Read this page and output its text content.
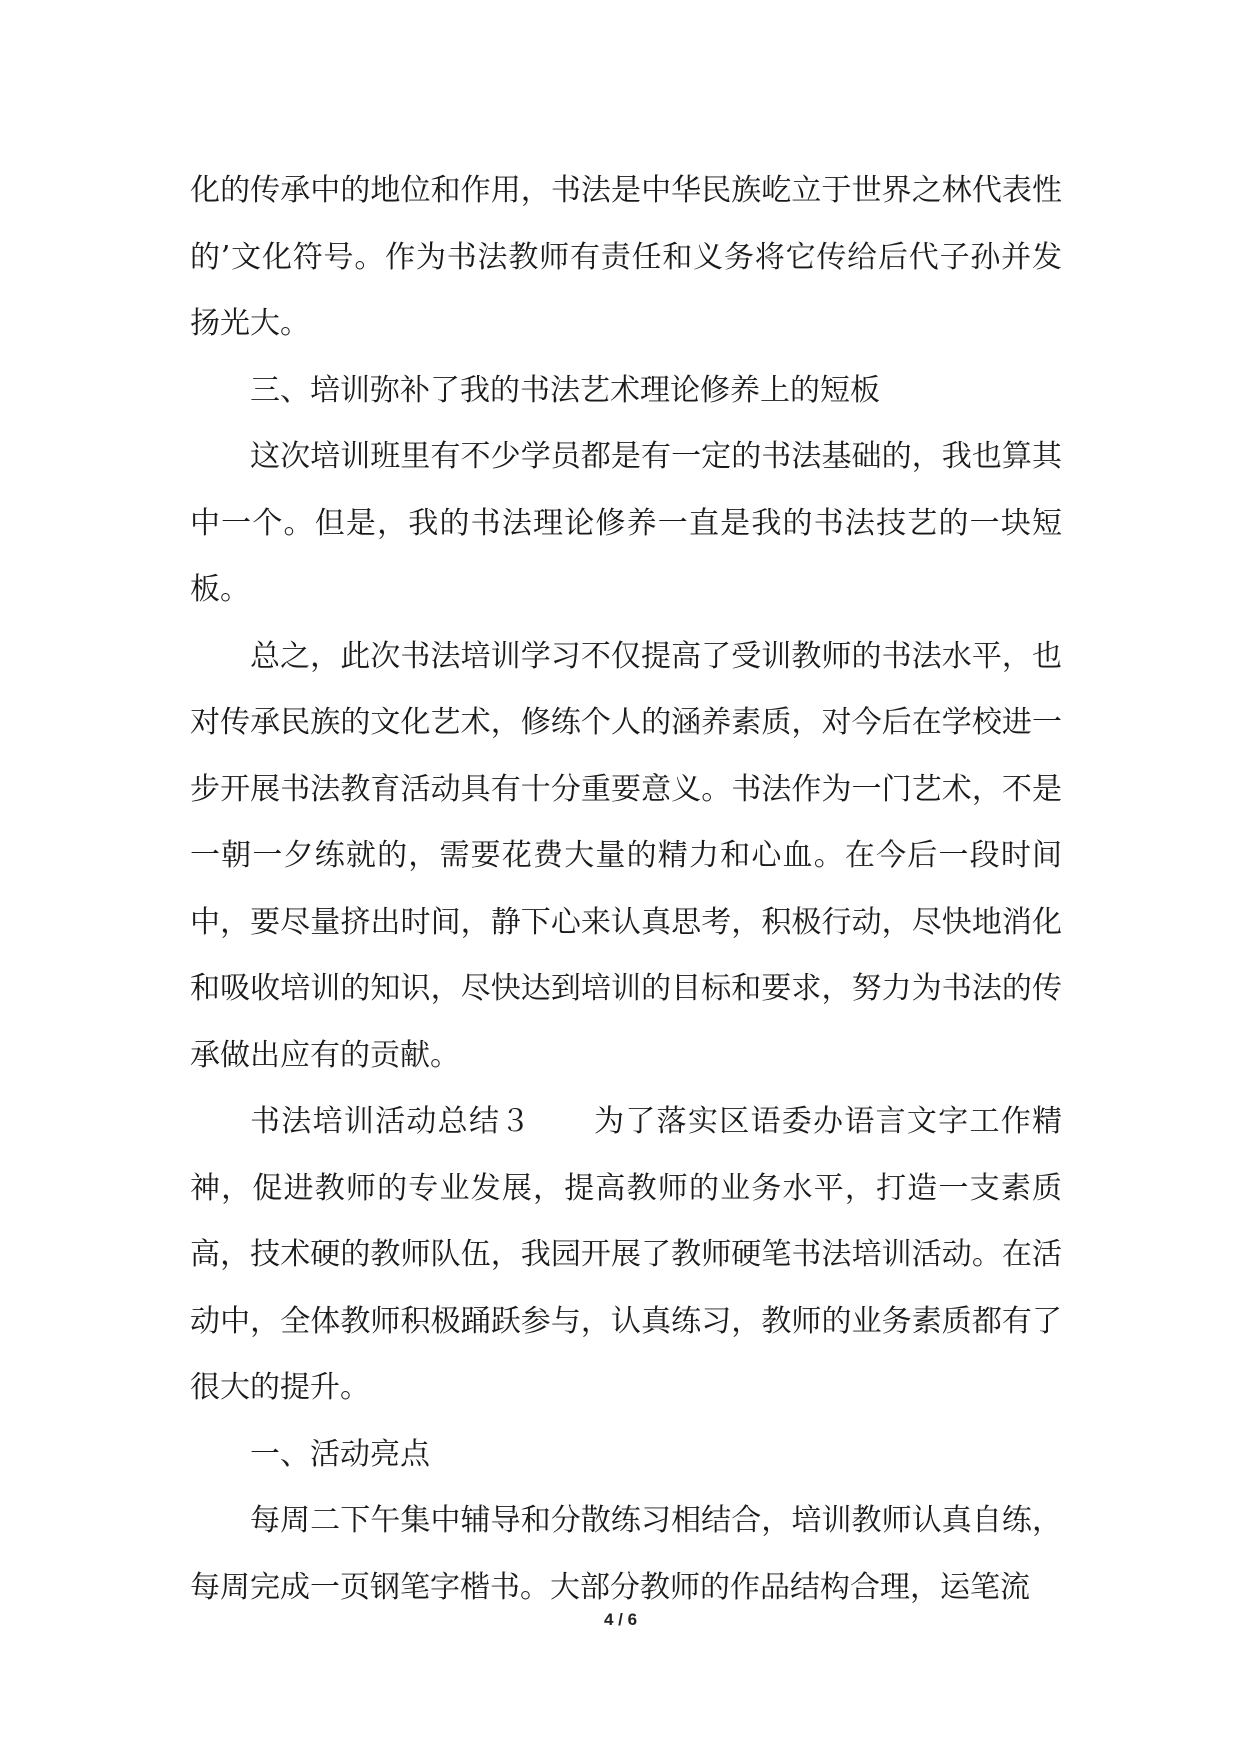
化的传承中的地位和作用，书法是中华民族屹立于世界之林代表性的’文化符号。作为书法教师有责任和义务将它传给后代子孙并发扬光大。

三、培训弥补了我的书法艺术理论修养上的短板

这次培训班里有不少学员都是有一定的书法基础的，我也算其中一个。但是，我的书法理论修养一直是我的书法技艺的一块短板。

总之，此次书法培训学习不仅提高了受训教师的书法水平，也对传承民族的文化艺术，修练个人的涵养素质，对今后在学校进一步开展书法教育活动具有十分重要意义。书法作为一门艺术，不是一朝一夕练就的，需要花费大量的精力和心血。在今后一段时间中，要尽量挤出时间，静下心来认真思考，积极行动，尽快地消化和吸收培训的知识，尽快达到培训的目标和要求，努力为书法的传承做出应有的贡献。

书法培训活动总结３　　为了落实区语委办语言文字工作精神，促进教师的专业发展，提高教师的业务水平，打造一支素质高，技术硬的教师队伍，我园开展了教师硬笔书法培训活动。在活动中，全体教师积极踊跃参与，认真练习，教师的业务素质都有了很大的提升。

一、活动亮点

每周二下午集中辅导和分散练习相结合，培训教师认真自练，每周完成一页钢笔字楷书。大部分教师的作品结构合理，运笔流

4 / 6
